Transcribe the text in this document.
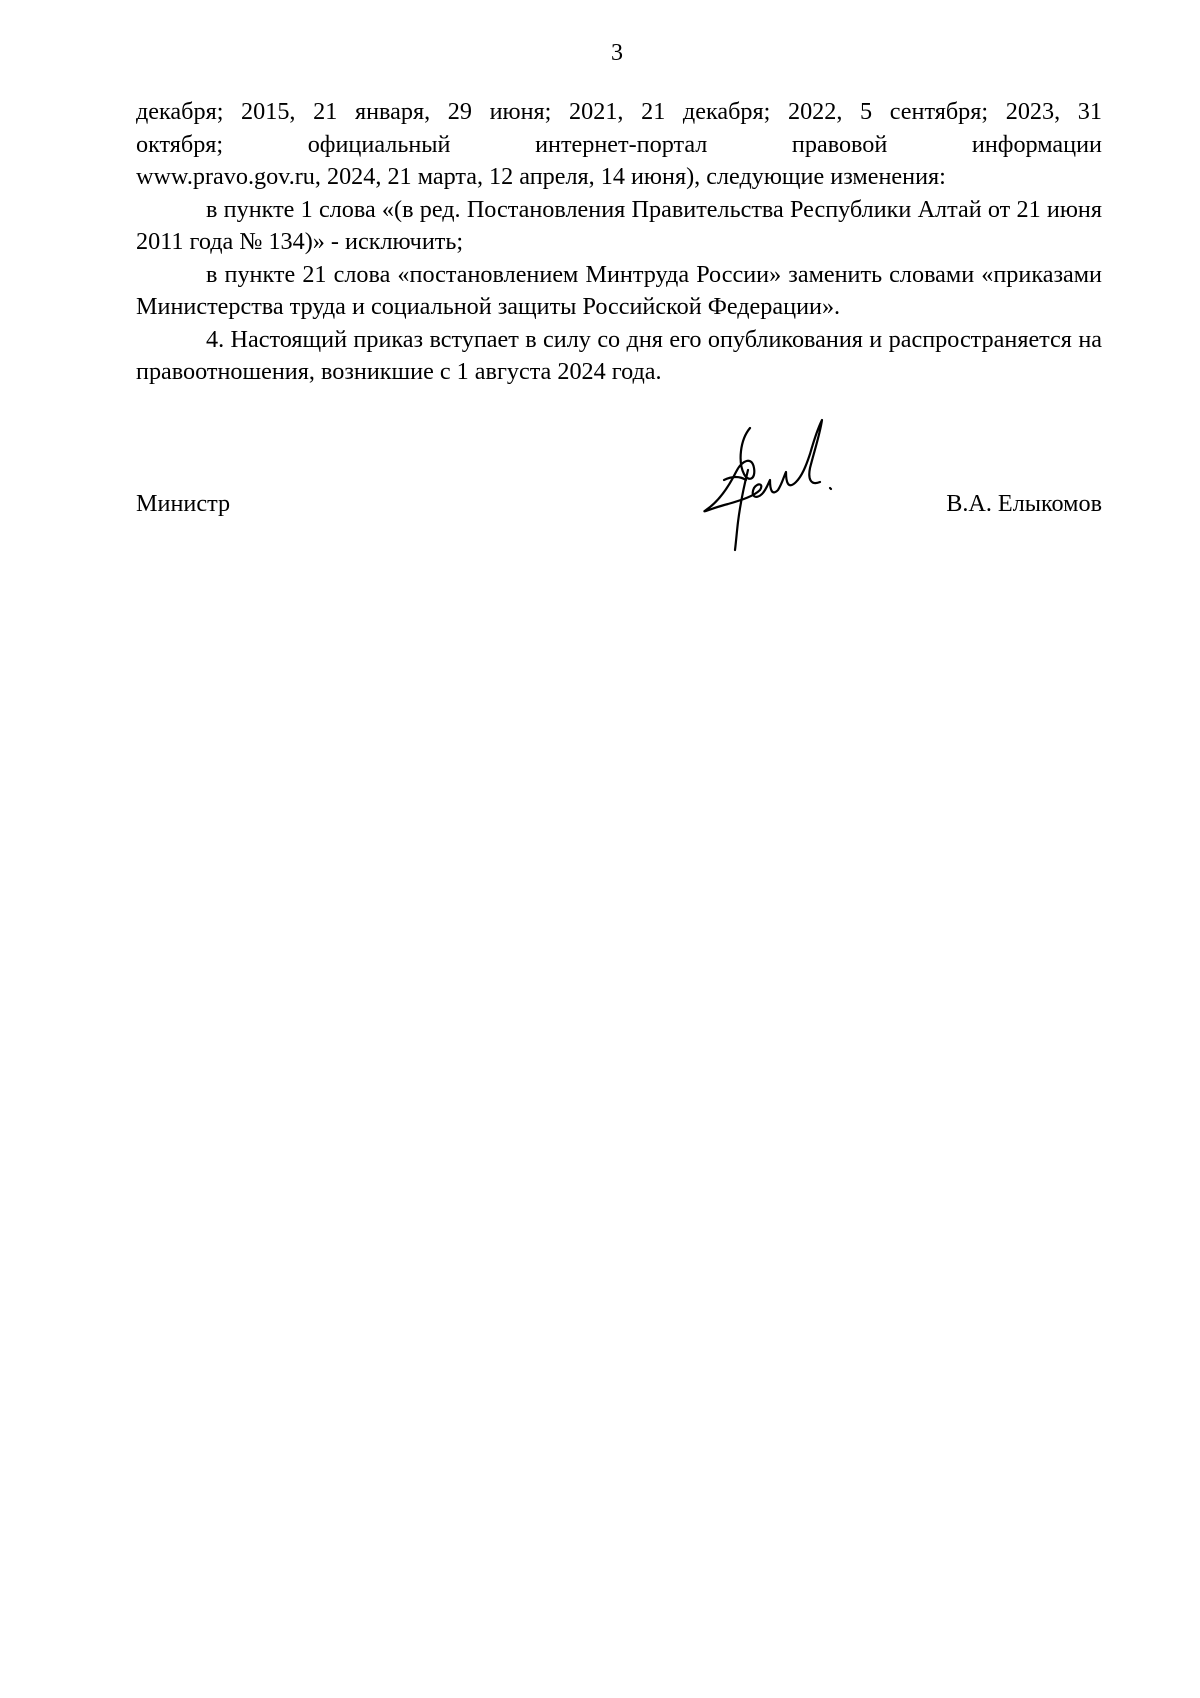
3

декабря; 2015, 21 января, 29 июня; 2021, 21 декабря; 2022, 5 сентября; 2023, 31

октября; официальный интернет-портал правовой информации

www.pravo.gov.ru, 2024, 21 марта, 12 апреля, 14 июня), следующие изменения:

в пункте 1 слова «(в ред. Постановления Правительства Республики Алтай от 21 июня 2011 года № 134)» - исключить;

в пункте 21 слова «постановлением Минтруда России» заменить словами «приказами Министерства труда и социальной защиты Российской Федерации».

4. Настоящий приказ вступает в силу со дня его опубликования и распространяется на правоотношения, возникшие с 1 августа 2024 года.

Министр	В.А. Елыкомов
